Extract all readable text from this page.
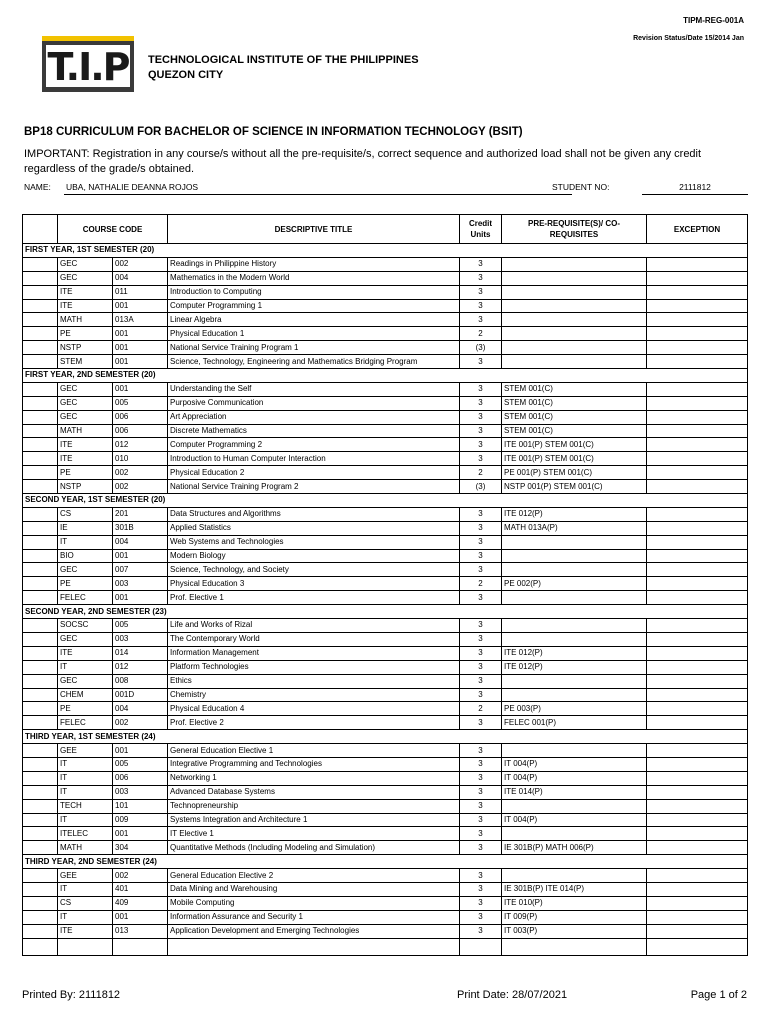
TIPM-REG-001A
Revision Status/Date 15/2014 Jan
T.I.P TECHNOLOGICAL INSTITUTE OF THE PHILIPPINES
QUEZON CITY
BP18 CURRICULUM FOR BACHELOR OF SCIENCE IN INFORMATION TECHNOLOGY (BSIT)
IMPORTANT: Registration in any course/s without all the pre-requisite/s, correct sequence and authorized load shall not be given any credit regardless of the grade/s obtained.
NAME: UBA, NATHALIE DEANNA ROJOS	STUDENT NO:	2111812
	COURSE CODE		DESCRIPTIVE TITLE	Credit Units	PRE-REQUISITE(S)/ CO-REQUISITES	EXCEPTION
FIRST YEAR, 1ST SEMESTER (20)						
	GEC	002	Readings in Philippine History	3		
	GEC	004	Mathematics in the Modern World	3		
	ITE	011	Introduction to Computing	3		
	ITE	001	Computer Programming 1	3		
	MATH	013A	Linear Algebra	3		
	PE	001	Physical Education 1	2		
	NSTP	001	National Service Training Program 1	(3)		
	STEM	001	Science, Technology, Engineering and Mathematics Bridging Program	3		
FIRST YEAR, 2ND SEMESTER (20)						
	GEC	001	Understanding the Self	3	STEM 001(C)	
	GEC	005	Purposive Communication	3	STEM 001(C)	
	GEC	006	Art Appreciation	3	STEM 001(C)	
	MATH	006	Discrete Mathematics	3	STEM 001(C)	
	ITE	012	Computer Programming 2	3	ITE 001(P) STEM 001(C)	
	ITE	010	Introduction to Human Computer Interaction	3	ITE 001(P) STEM 001(C)	
	PE	002	Physical Education 2	2	PE 001(P) STEM 001(C)	
	NSTP	002	National Service Training Program 2	(3)	NSTP 001(P) STEM 001(C)	
SECOND YEAR, 1ST SEMESTER (20)						
	CS	201	Data Structures and Algorithms	3	ITE 012(P)	
	IE	301B	Applied Statistics	3	MATH 013A(P)	
	IT	004	Web Systems and Technologies	3		
	BIO	001	Modern Biology	3		
	GEC	007	Science, Technology, and Society	3		
	PE	003	Physical Education 3	2	PE 002(P)	
	FELEC	001	Prof. Elective 1	3		
SECOND YEAR, 2ND SEMESTER (23)						
	SOCSC	005	Life and Works of Rizal	3		
	GEC	003	The Contemporary World	3		
	ITE	014	Information Management	3	ITE 012(P)	
	IT	012	Platform Technologies	3	ITE 012(P)	
	GEC	008	Ethics	3		
	CHEM	001D	Chemistry	3		
	PE	004	Physical Education 4	2	PE 003(P)	
	FELEC	002	Prof. Elective 2	3	FELEC 001(P)	
THIRD YEAR, 1ST SEMESTER (24)						
	GEE	001	General Education Elective 1	3		
	IT	005	Integrative Programming and Technologies	3	IT 004(P)	
	IT	006	Networking 1	3	IT 004(P)	
	IT	003	Advanced Database Systems	3	ITE 014(P)	
	TECH	101	Technopreneurship	3		
	IT	009	Systems Integration and Architecture 1	3	IT 004(P)	
	ITELEC	001	IT Elective 1	3		
	MATH	304	Quantitative Methods (Including Modeling and Simulation)	3	IE 301B(P) MATH 006(P)	
THIRD YEAR, 2ND SEMESTER (24)						
	GEE	002	General Education Elective 2	3		
	IT	401	Data Mining and Warehousing	3	IE 301B(P) ITE 014(P)	
	CS	409	Mobile Computing	3	ITE 010(P)	
	IT	001	Information Assurance and Security 1	3	IT 009(P)	
	ITE	013	Application Development and Emerging Technologies	3	IT 003(P)	

Printed By: 2111812	Print Date: 28/07/2021	Page 1 of 2
